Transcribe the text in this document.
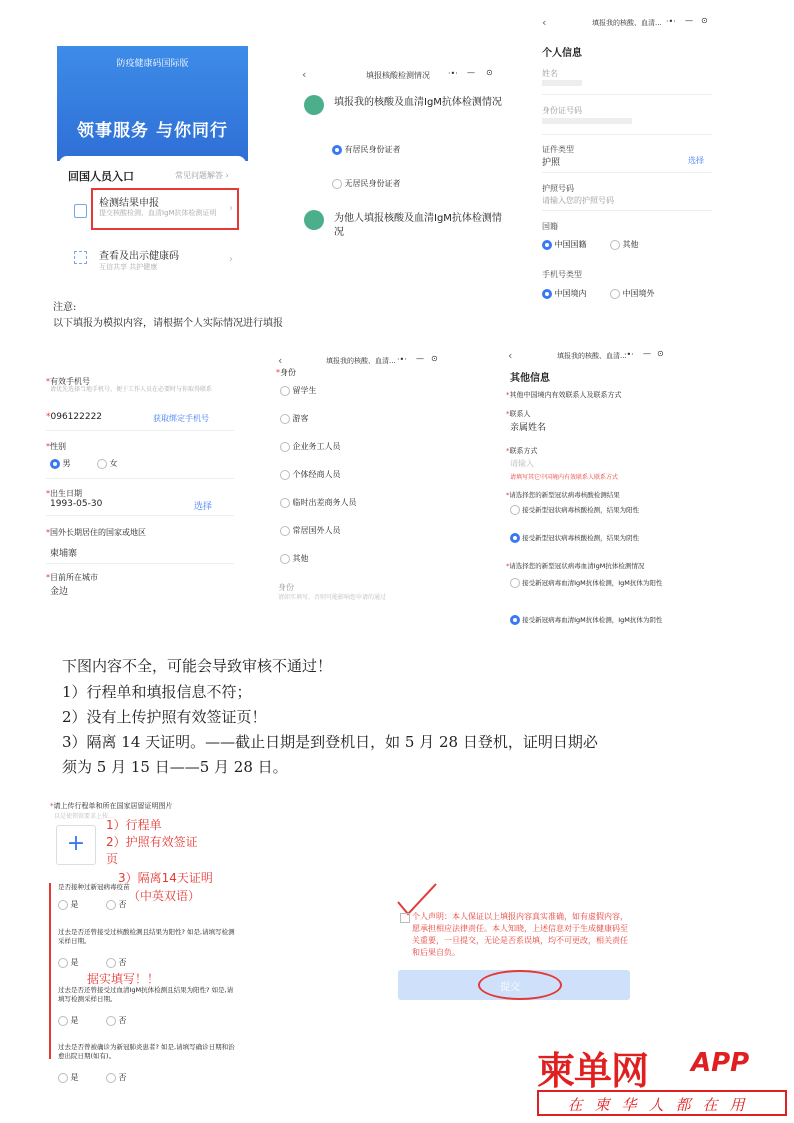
防疫健康码国际版
领事服务 与你同行
回国人员入口	常见问题解答 ›
检测结果申报
提交核酸检测、血清IgM抗体检测证明 ›
查看及出示健康码
互信共享 共护健康
›
‹	填报核酸检测情况 ·•· — ⊙
填报我的核酸及血清IgM抗体检测情况
有居民身份证者
无居民身份证者
为他人填报核酸及血清IgM抗体检测情况
‹	填报我的核酸、血清... ·•· — ⊙
个人信息
姓名
身份证号码
证件类型
护照	选择
护照号码
请输入您的护照号码
国籍
中国国籍	其他
手机号类型
中国境内	中国境外
注意:
以下填报为模拟内容，请根据个人实际情况进行填报
*有效手机号
请优先选择当地手机号，便于工作人员在必要时与你取得联系
*096122222	获取绑定手机号
*性别
男	女
*出生日期
1993-05-30	选择
*国外长期居住的国家或地区
柬埔寨
*目前所在城市
金边
‹	填报我的核酸、血清... ·•· — ⊙
*身份
留学生
游客
企业务工人员
个体经商人员
临时出差商务人员
常居国外人员
其他
身份
请如实填写，否则可能影响您申请的通过
‹	填报我的核酸、血清...
·•· — ⊙
其他信息
*其他中国境内有效联系人及联系方式
*联系人
亲属姓名
*联系方式
请输入
请填写其它中国境内有效联系人联系方式
*请选择您的新型冠状病毒核酸检测结果
接受新型冠状病毒核酸检测，结果为阳性
接受新型冠状病毒核酸检测，结果为阴性
*请选择您的新型冠状病毒血清IgM抗体检测情况
接受新冠病毒血清IgM抗体检测，IgM抗体为阳性
接受新冠病毒血清IgM抗体检测，IgM抗体为阴性
下图内容不全，可能会导致审核不通过！
1）行程单和填报信息不符；
2）没有上传护照有效签证页！
3）隔离 14 天证明。——截止日期是到登机日，如 5 月 28 日登机，证明日期必
须为 5 月 15 日——5 月 28 日。
*请上传行程单和所在国家居留证明图片
以是使领馆要求上传...
+
1）行程单
2）护照有效签证
页
3）隔离14天证明
（中英双语）
是否接种过新冠病毒疫苗
是	否
过去是否还曾接受过核酸检测且结果为阳性? 如是,请填写检测采样日期。
是	否
据实填写！！
过去是否还曾接受过血清IgM抗体检测且结果为阳性? 如是,请填写检测采样日期。
是	否
过去是否曾被确诊为新冠肺炎患者? 如是,请填写确诊日期和治愈出院日期(如有)。
是	否
个人声明：本人保证以上填报内容真实准确，如有虚假内容，愿承担相应法律责任。本人知晓，上述信息对于生成健康码至关重要，一旦提交，无论是否系误填，均不可更改，相关责任和后果自负。
提交
柬单网 APP
在柬华人都在用
